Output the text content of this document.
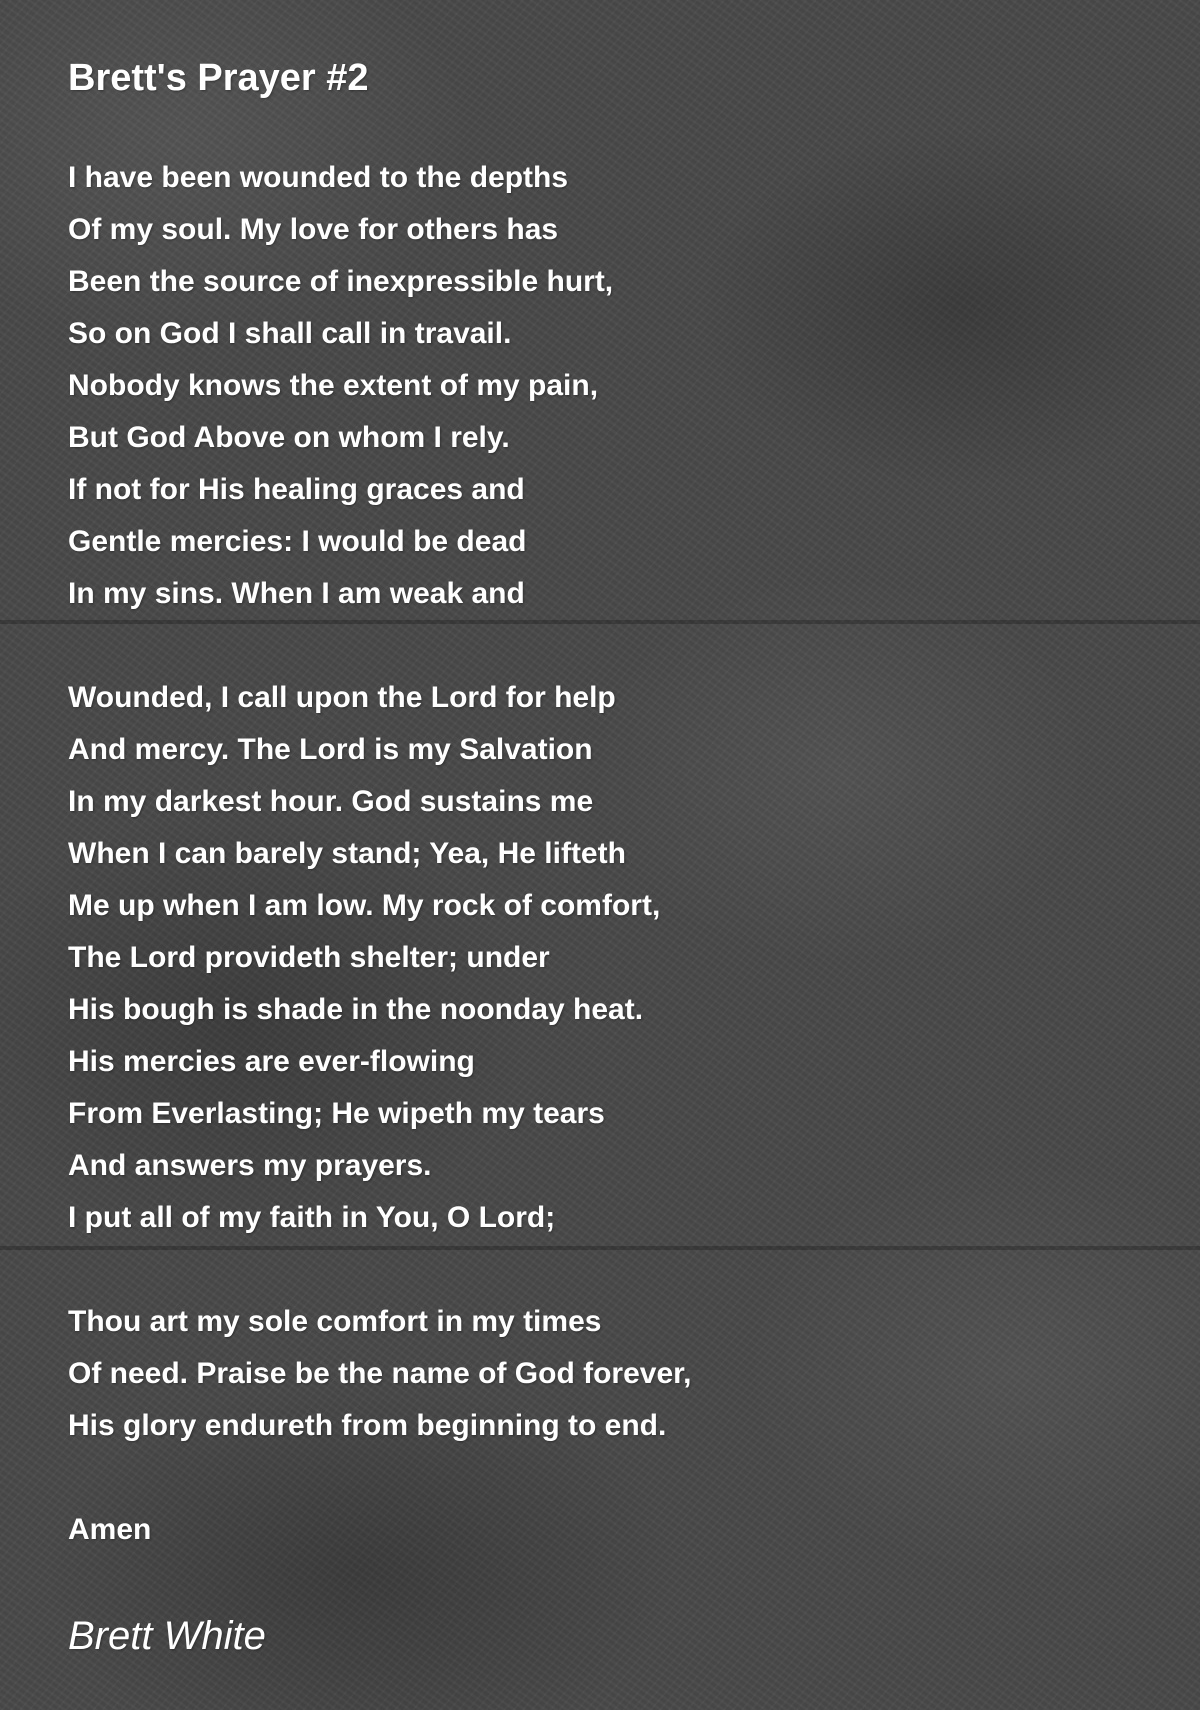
Brett's Prayer #2
I have been wounded to the depths
Of my soul. My love for others has
Been the source of inexpressible hurt,
So on God I shall call in travail.
Nobody knows the extent of my pain,
But God Above on whom I rely.
If not for His healing graces and
Gentle mercies: I would be dead
In my sins. When I am weak and
Wounded, I call upon the Lord for help
And mercy. The Lord is my Salvation
In my darkest hour. God sustains me
When I can barely stand; Yea, He lifteth
Me up when I am low. My rock of comfort,
The Lord provideth shelter; under
His bough is shade in the noonday heat.
His mercies are ever-flowing
From Everlasting; He wipeth my tears
And answers my prayers.
I put all of my faith in You, O Lord;
Thou art my sole comfort in my times
Of need. Praise be the name of God forever,
His glory endureth from beginning to end.
Amen
Brett White
